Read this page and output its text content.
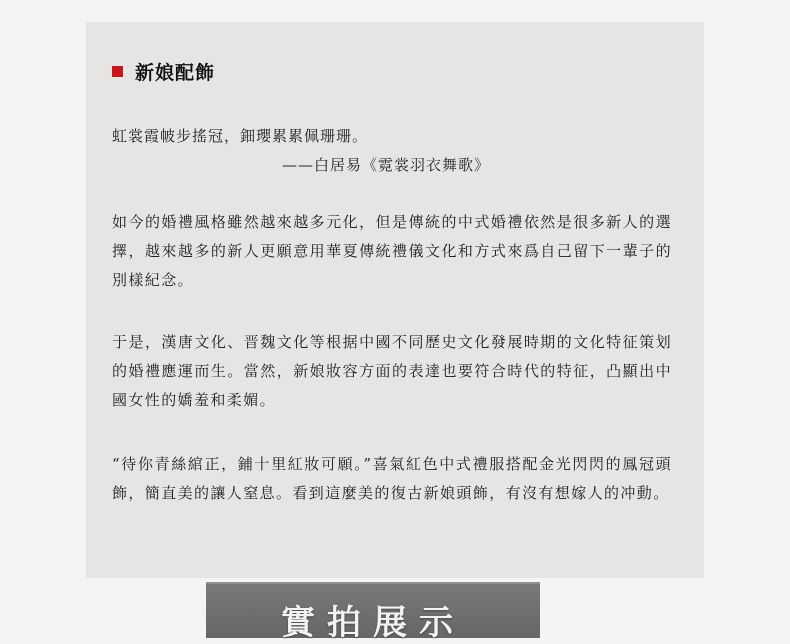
新娘配飾
虹裳霞帔步搖冠，鈿瓔累累佩珊珊。
——白居易《霓裳羽衣舞歌》

如今的婚禮風格雖然越來越多元化，但是傳統的中式婚禮依然是很多新人的選擇，越來越多的新人更願意用華夏傳統禮儀文化和方式來爲自己留下一輩子的別樣紀念。

于是，漢唐文化、晋魏文化等根据中國不同歷史文化發展時期的文化特征策划的婚禮應運而生。當然，新娘妝容方面的表達也要符合時代的特征，凸顯出中國女性的嬌羞和柔媚。

“待你青絲綰正，鋪十里紅妝可願。”喜氣紅色中式禮服搭配金光閃閃的鳳冠頭飾，簡直美的讓人窒息。看到這麼美的復古新娘頭飾，有沒有想嫁人的冲動。

實拍展示
